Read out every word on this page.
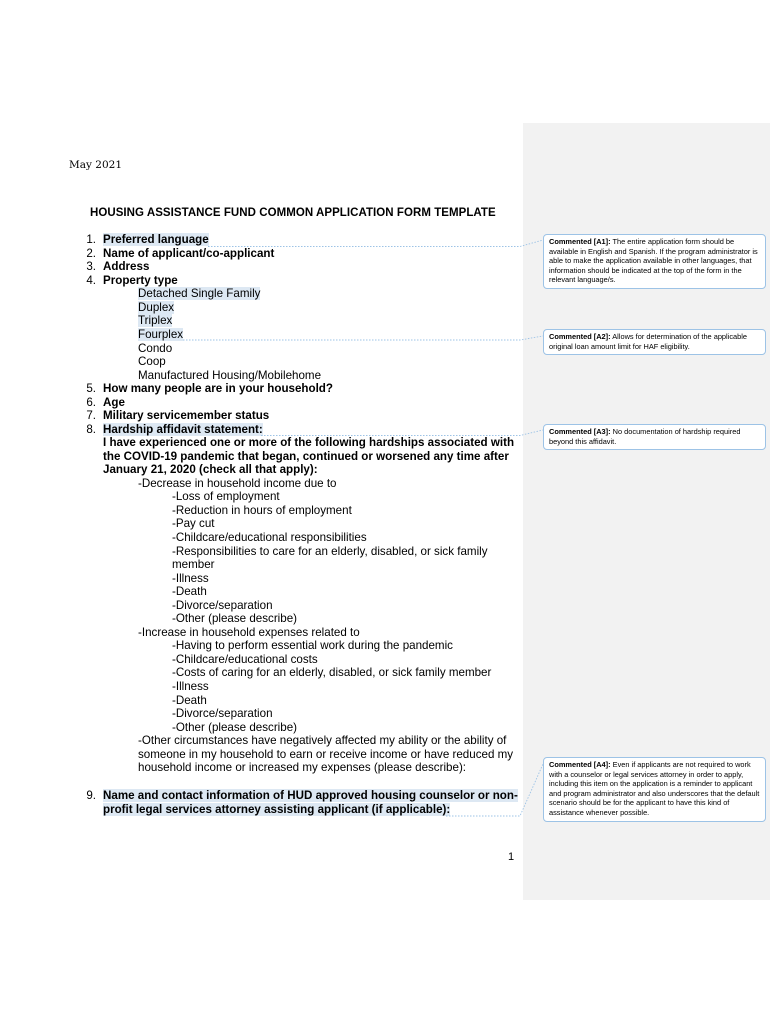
May 2021
HOUSING ASSISTANCE FUND COMMON APPLICATION FORM TEMPLATE
1. Preferred language
2. Name of applicant/co-applicant
3. Address
4. Property type
Detached Single Family
Duplex
Triplex
Fourplex
Condo
Coop
Manufactured Housing/Mobilehome
5. How many people are in your household?
6. Age
7. Military servicemember status
8. Hardship affidavit statement:
I have experienced one or more of the following hardships associated with
the COVID-19 pandemic that began, continued or worsened any time after
January 21, 2020 (check all that apply):
-Decrease in household income due to
-Loss of employment
-Reduction in hours of employment
-Pay cut
-Childcare/educational responsibilities
-Responsibilities to care for an elderly, disabled, or sick family
member
-Illness
-Death
-Divorce/separation
-Other (please describe)
-Increase in household expenses related to
-Having to perform essential work during the pandemic
-Childcare/educational costs
-Costs of caring for an elderly, disabled, or sick family member
-Illness
-Death
-Divorce/separation
-Other (please describe)
-Other circumstances have negatively affected my ability or the ability of
someone in my household to earn or receive income or have reduced my
household income or increased my expenses (please describe):
9. Name and contact information of HUD approved housing counselor or non-
profit legal services attorney assisting applicant (if applicable):
1
Commented [A1]: The entire application form should be available in English and Spanish. If the program administrator is able to make the application available in other languages, that information should be indicated at the top of the form in the relevant language/s.
Commented [A2]: Allows for determination of the applicable original loan amount limit for HAF eligibility.
Commented [A3]: No documentation of hardship required beyond this affidavit.
Commented [A4]: Even if applicants are not required to work with a counselor or legal services attorney in order to apply, including this item on the application is a reminder to applicant and program administrator and also underscores that the default scenario should be for the applicant to have this kind of assistance whenever possible.
